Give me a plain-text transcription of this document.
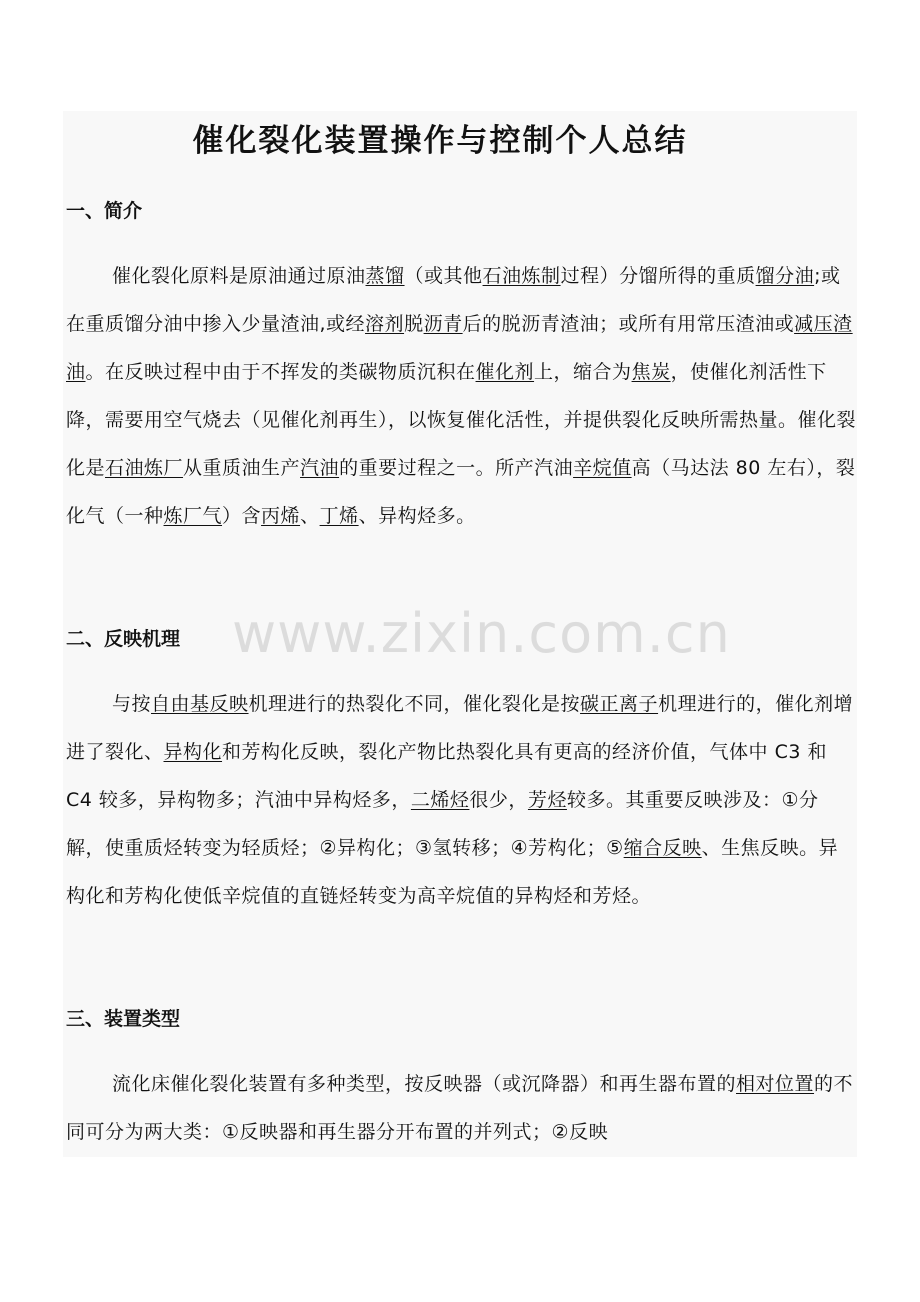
催化裂化装置操作与控制个人总结
一、简介

催化裂化原料是原油通过原油蒸馏（或其他石油炼制过程）分馏所得的重质馏分油;或在重质馏分油中掺入少量渣油,或经溶剂脱沥青后的脱沥青渣油；或所有用常压渣油或减压渣油。在反映过程中由于不挥发的类碳物质沉积在催化剂上，缩合为焦炭，使催化剂活性下降，需要用空气烧去（见催化剂再生），以恢复催化活性，并提供裂化反映所需热量。催化裂化是石油炼厂从重质油生产汽油的重要过程之一。所产汽油辛烷值高（马达法 80 左右），裂化气（一种炼厂气）含丙烯、丁烯、异构烃多。

www.zixin.com.cn
二、反映机理

与按自由基反映机理进行的热裂化不同，催化裂化是按碳正离子机理进行的，催化剂增进了裂化、异构化和芳构化反映，裂化产物比热裂化具有更高的经济价值，气体中 C3 和 C4 较多，异构物多；汽油中异构烃多，二烯烃很少，芳烃较多。其重要反映涉及：①分解，使重质烃转变为轻质烃；②异构化；③氢转移；④芳构化；⑤缩合反映、生焦反映。异构化和芳构化使低辛烷值的直链烃转变为高辛烷值的异构烃和芳烃。

三、装置类型

流化床催化裂化装置有多种类型，按反映器（或沉降器）和再生器布置的相对位置的不同可分为两大类：①反映器和再生器分开布置的并列式；②反映
